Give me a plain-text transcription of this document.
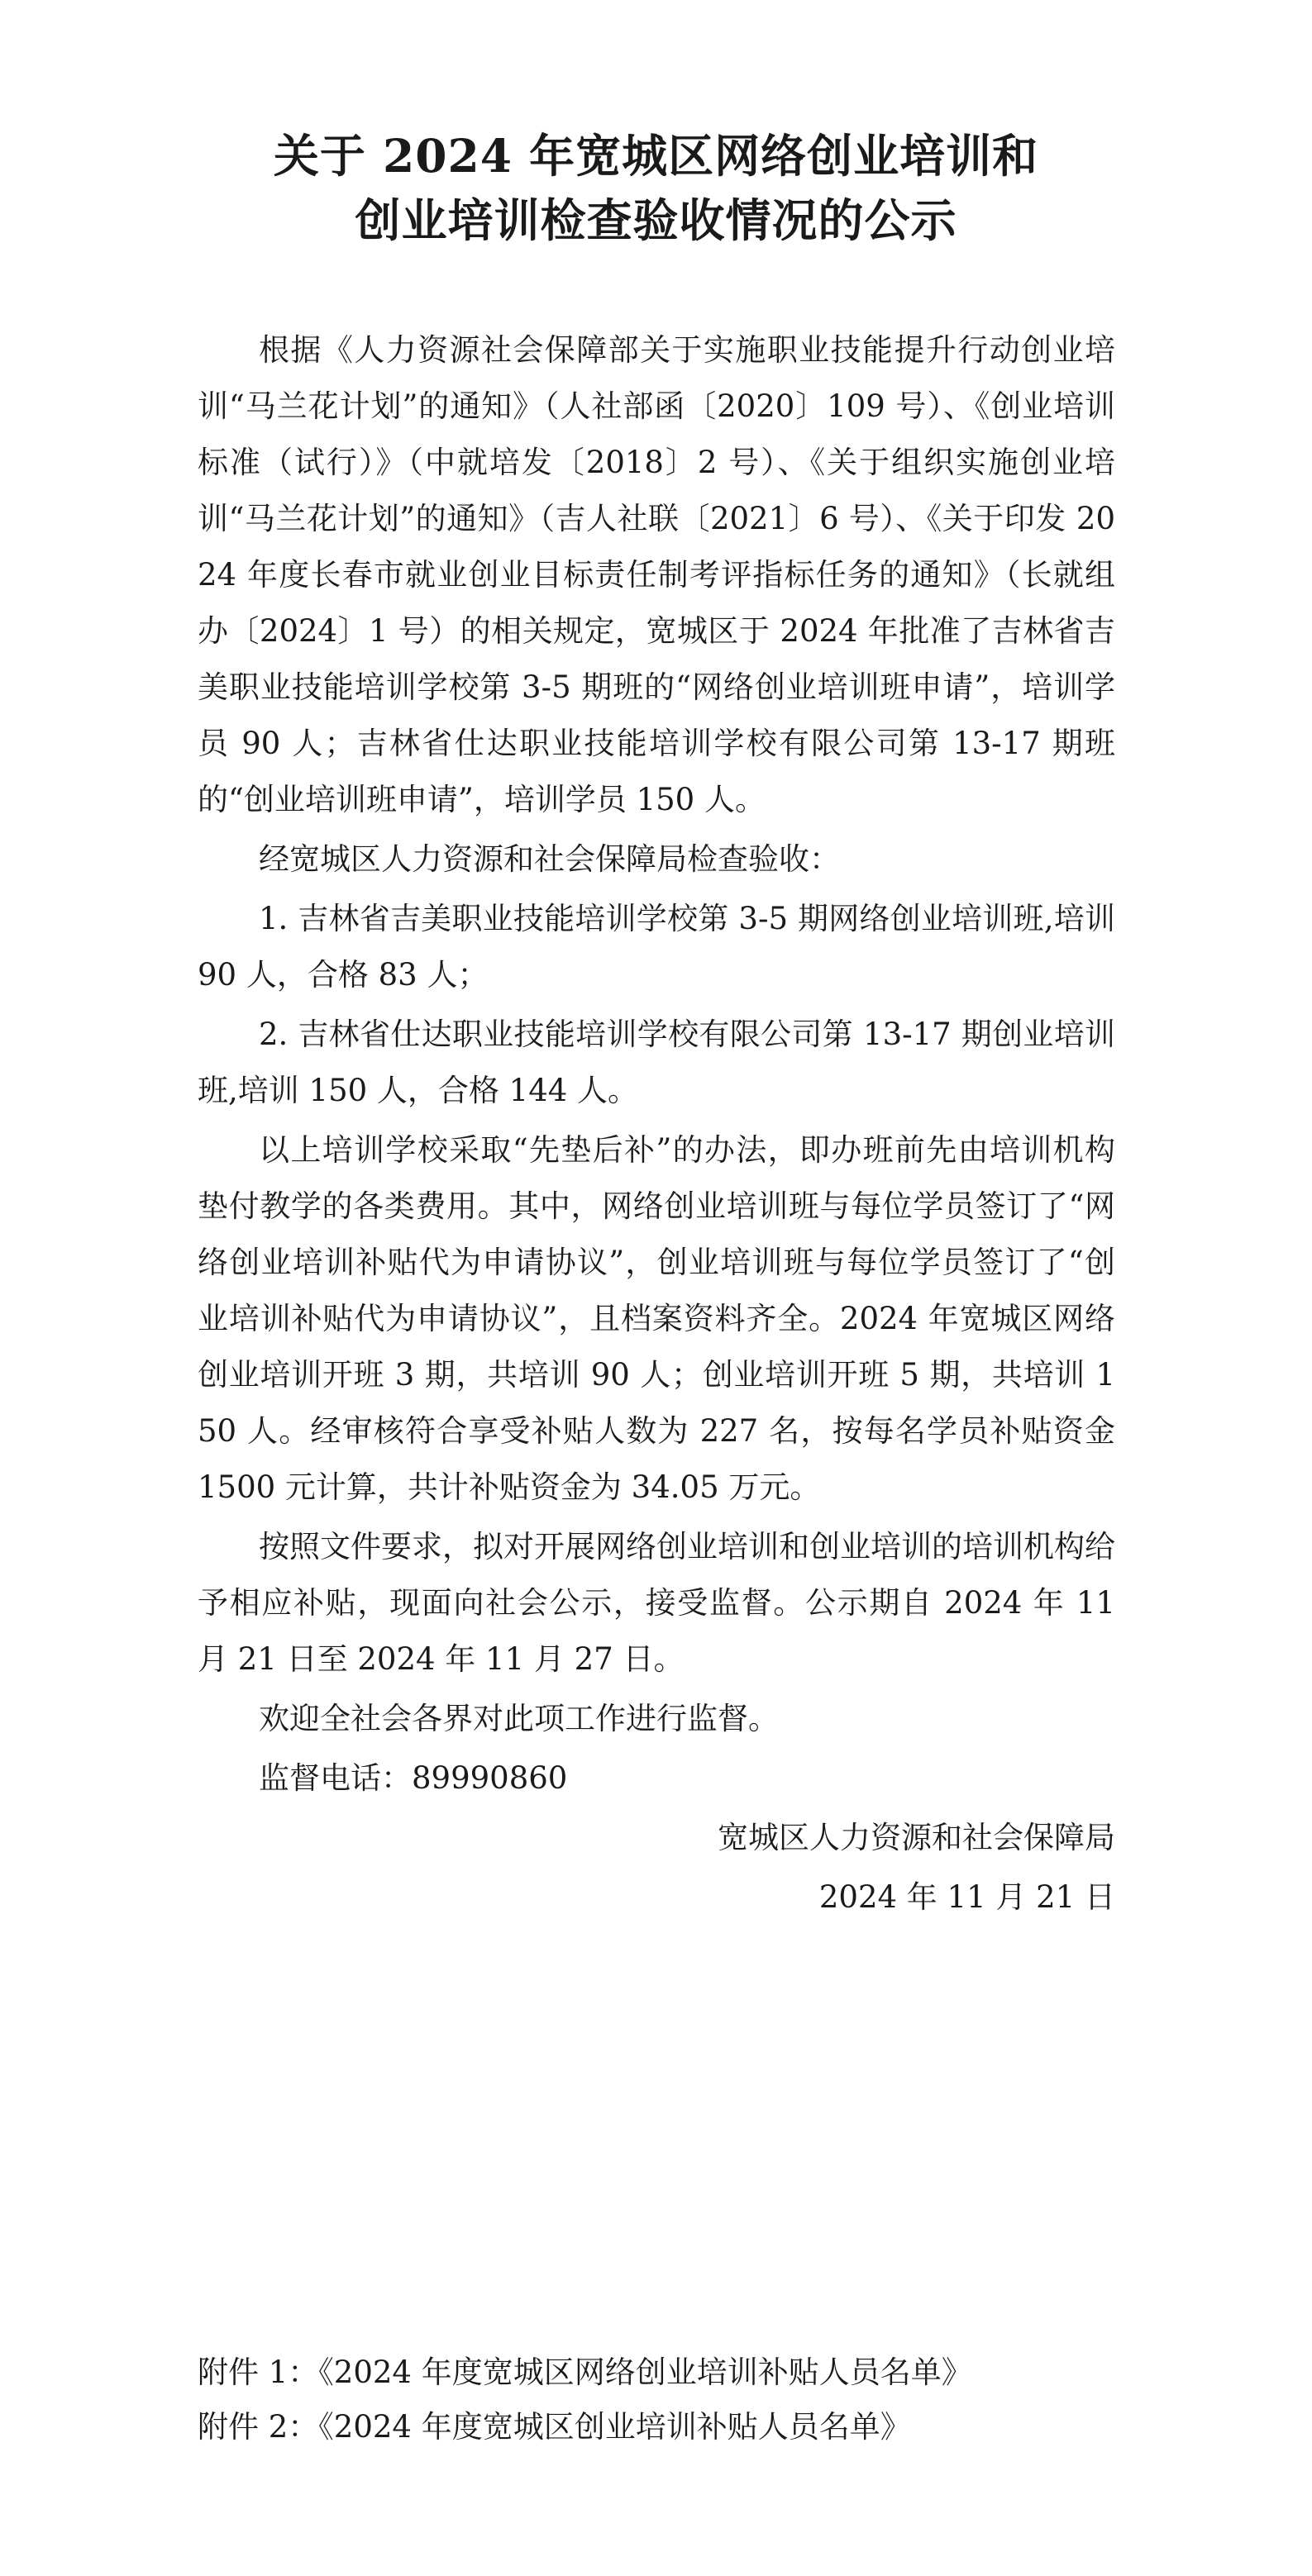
关于 2024 年宽城区网络创业培训和
创业培训检查验收情况的公示

根据《人力资源社会保障部关于实施职业技能提升行动创业培训“马兰花计划”的通知》（人社部函〔2020〕109 号）、《创业培训标准（试行）》（中就培发〔2018〕2 号）、《关于组织实施创业培训“马兰花计划”的通知》（吉人社联〔2021〕6 号）、《关于印发 2024 年度长春市就业创业目标责任制考评指标任务的通知》（长就组办〔2024〕1 号）的相关规定，宽城区于 2024 年批准了吉林省吉美职业技能培训学校第 3-5 期班的“网络创业培训班申请”，培训学员 90 人；吉林省仕达职业技能培训学校有限公司第 13-17 期班的“创业培训班申请”，培训学员 150 人。

经宽城区人力资源和社会保障局检查验收：

1. 吉林省吉美职业技能培训学校第 3-5 期网络创业培训班,培训 90 人，合格 83 人；

2. 吉林省仕达职业技能培训学校有限公司第 13-17 期创业培训班,培训 150 人，合格 144 人。

以上培训学校采取“先垫后补”的办法，即办班前先由培训机构垫付教学的各类费用。其中，网络创业培训班与每位学员签订了“网络创业培训补贴代为申请协议”，创业培训班与每位学员签订了“创业培训补贴代为申请协议”，且档案资料齐全。2024 年宽城区网络创业培训开班 3 期，共培训 90 人；创业培训开班 5 期，共培训 150 人。经审核符合享受补贴人数为 227 名，按每名学员补贴资金 1500 元计算，共计补贴资金为 34.05 万元。

按照文件要求，拟对开展网络创业培训和创业培训的培训机构给予相应补贴，现面向社会公示，接受监督。公示期自 2024 年 11 月 21 日至 2024 年 11 月 27 日。

欢迎全社会各界对此项工作进行监督。

监督电话：89990860

宽城区人力资源和社会保障局

2024 年 11 月 21 日

附件 1：《2024 年度宽城区网络创业培训补贴人员名单》
附件 2：《2024 年度宽城区创业培训补贴人员名单》
